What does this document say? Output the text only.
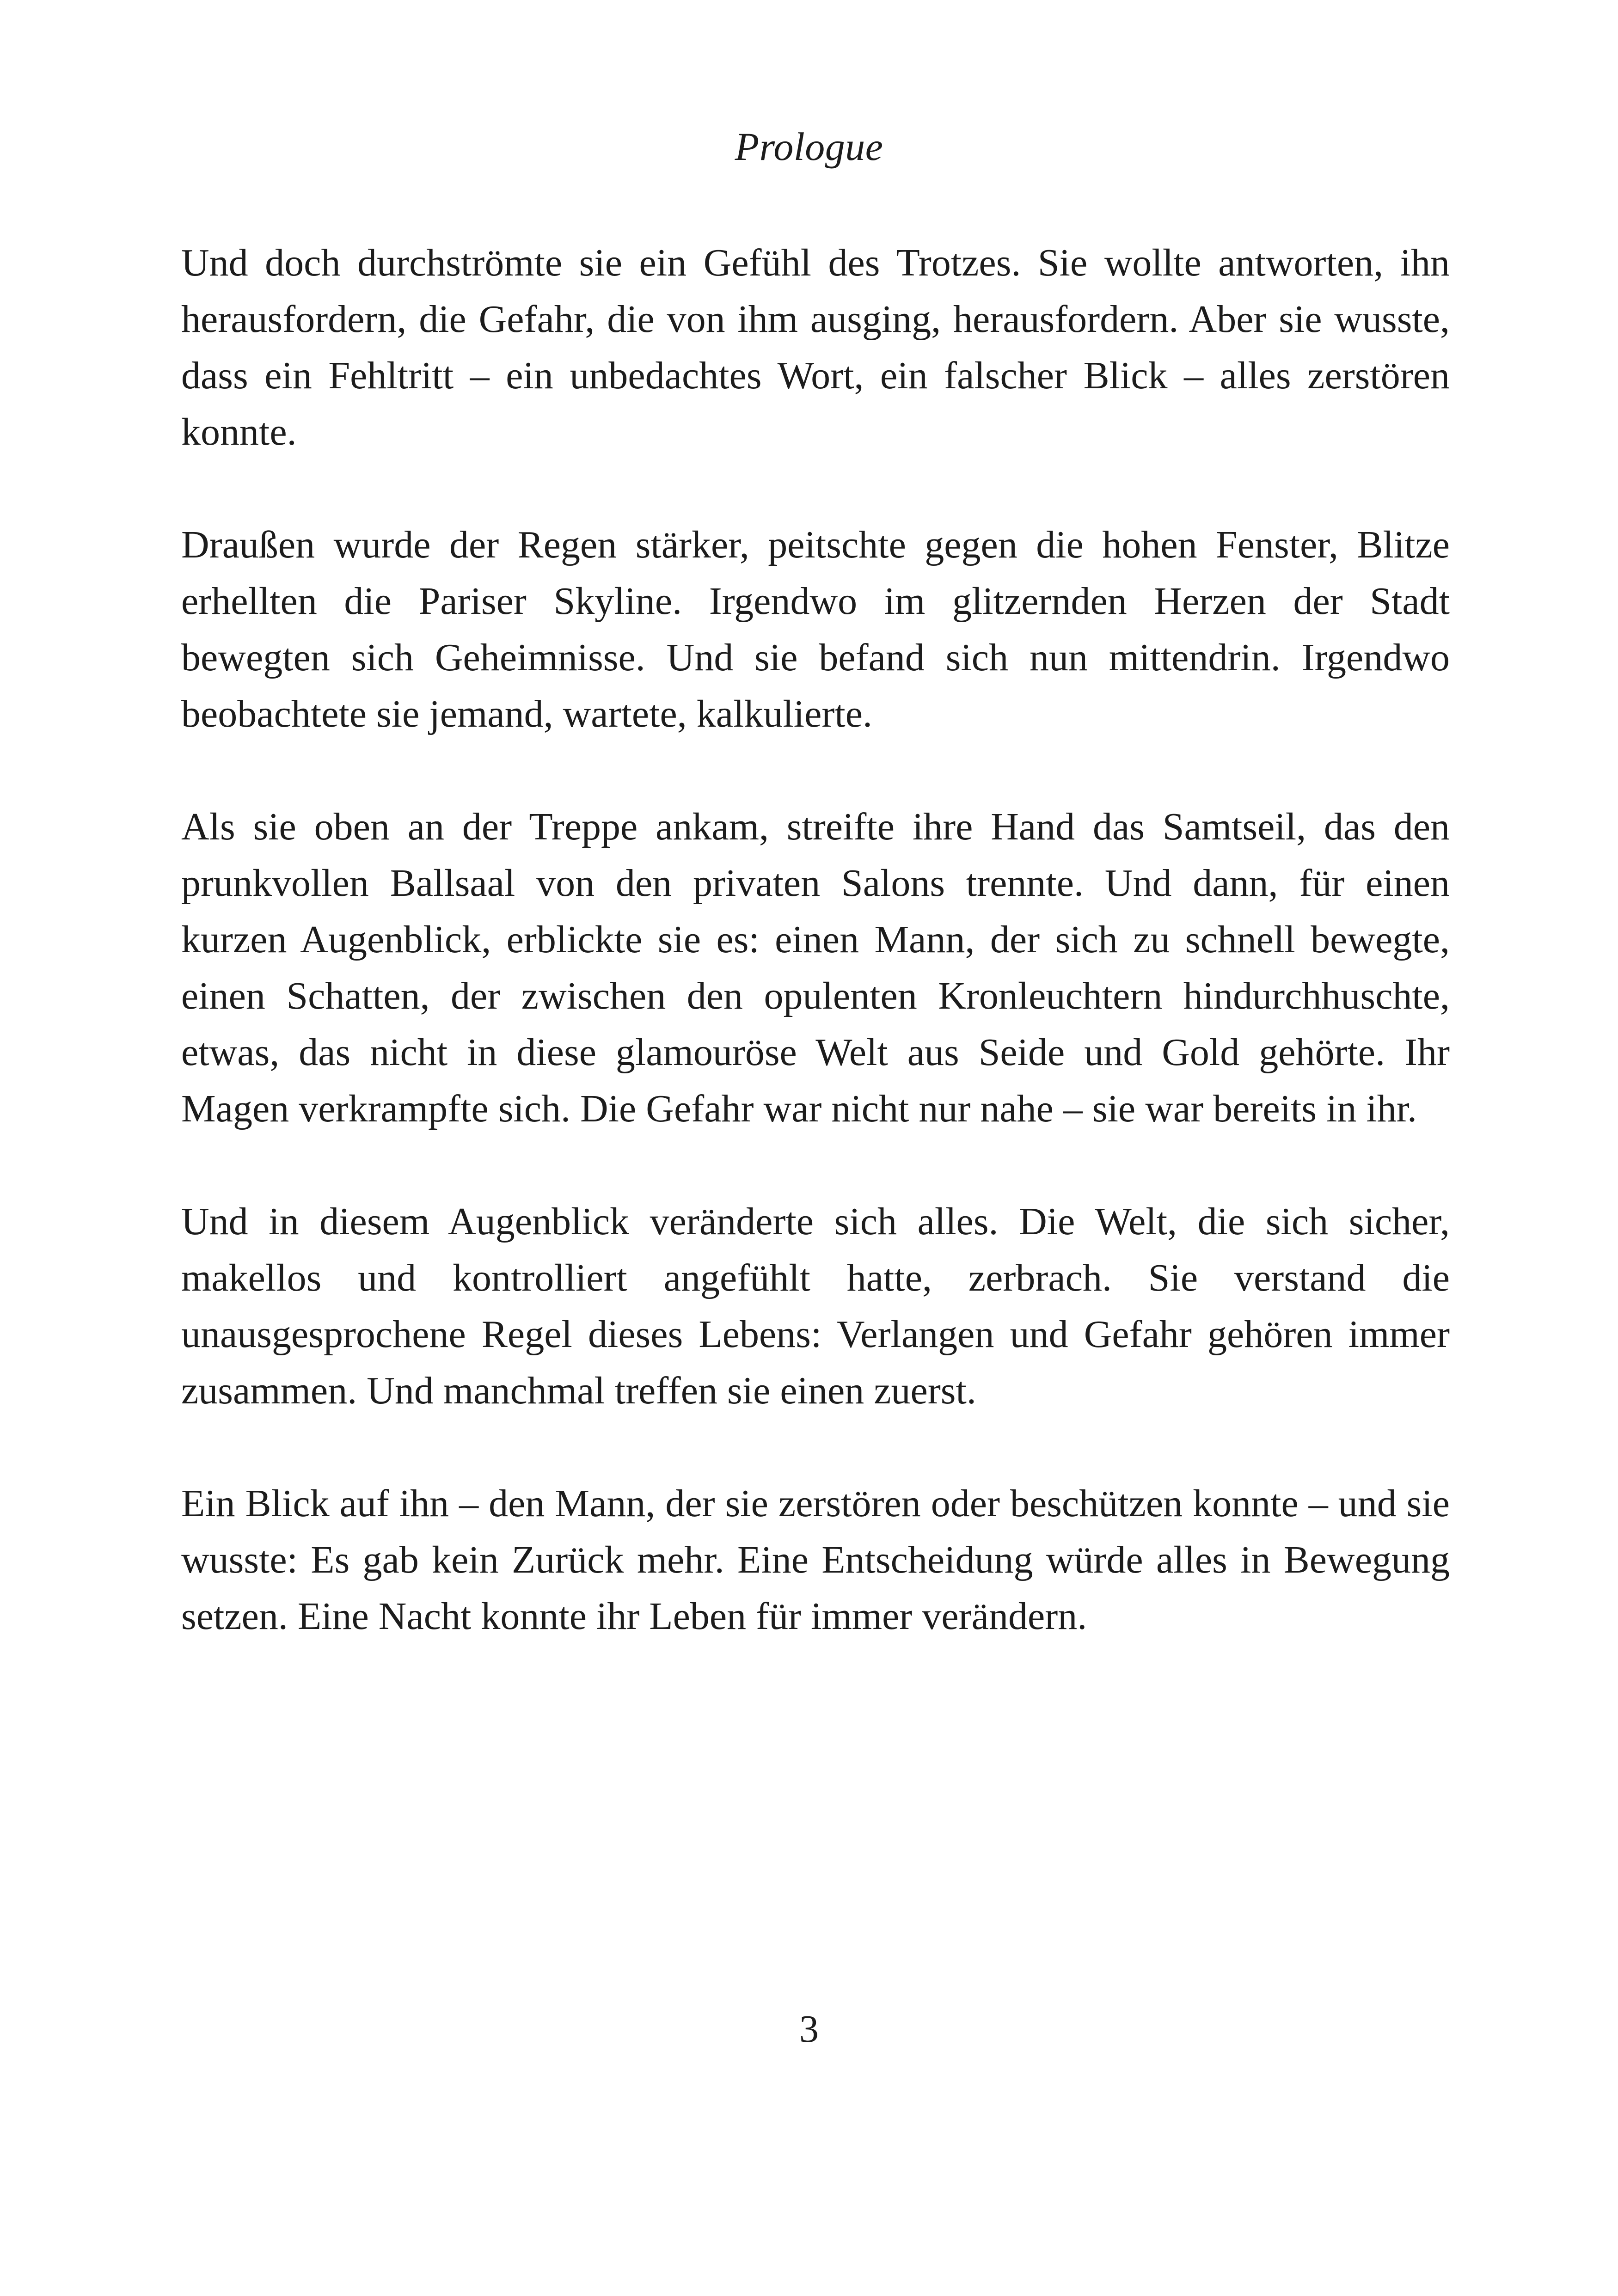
Prologue

Und doch durchströmte sie ein Gefühl des Trotzes. Sie wollte antworten, ihn herausfordern, die Gefahr, die von ihm ausging, herausfordern. Aber sie wusste, dass ein Fehltritt – ein unbedachtes Wort, ein falscher Blick – alles zerstören konnte.

Draußen wurde der Regen stärker, peitschte gegen die hohen Fenster, Blitze erhellten die Pariser Skyline. Irgendwo im glitzernden Herzen der Stadt bewegten sich Geheimnisse. Und sie befand sich nun mittendrin. Irgendwo beobachtete sie jemand, wartete, kalkulierte.

Als sie oben an der Treppe ankam, streifte ihre Hand das Samtseil, das den prunkvollen Ballsaal von den privaten Salons trennte. Und dann, für einen kurzen Augenblick, erblickte sie es: einen Mann, der sich zu schnell bewegte, einen Schatten, der zwischen den opulenten Kronleuchtern hindurchhuschte, etwas, das nicht in diese glamouröse Welt aus Seide und Gold gehörte. Ihr Magen verkrampfte sich. Die Gefahr war nicht nur nahe – sie war bereits in ihr.

Und in diesem Augenblick veränderte sich alles. Die Welt, die sich sicher, makellos und kontrolliert angefühlt hatte, zerbrach. Sie verstand die unausgesprochene Regel dieses Lebens: Verlangen und Gefahr gehören immer zusammen. Und manchmal treffen sie einen zuerst.

Ein Blick auf ihn – den Mann, der sie zerstören oder beschützen konnte – und sie wusste: Es gab kein Zurück mehr. Eine Entscheidung würde alles in Bewegung setzen. Eine Nacht konnte ihr Leben für immer verändern.

3
